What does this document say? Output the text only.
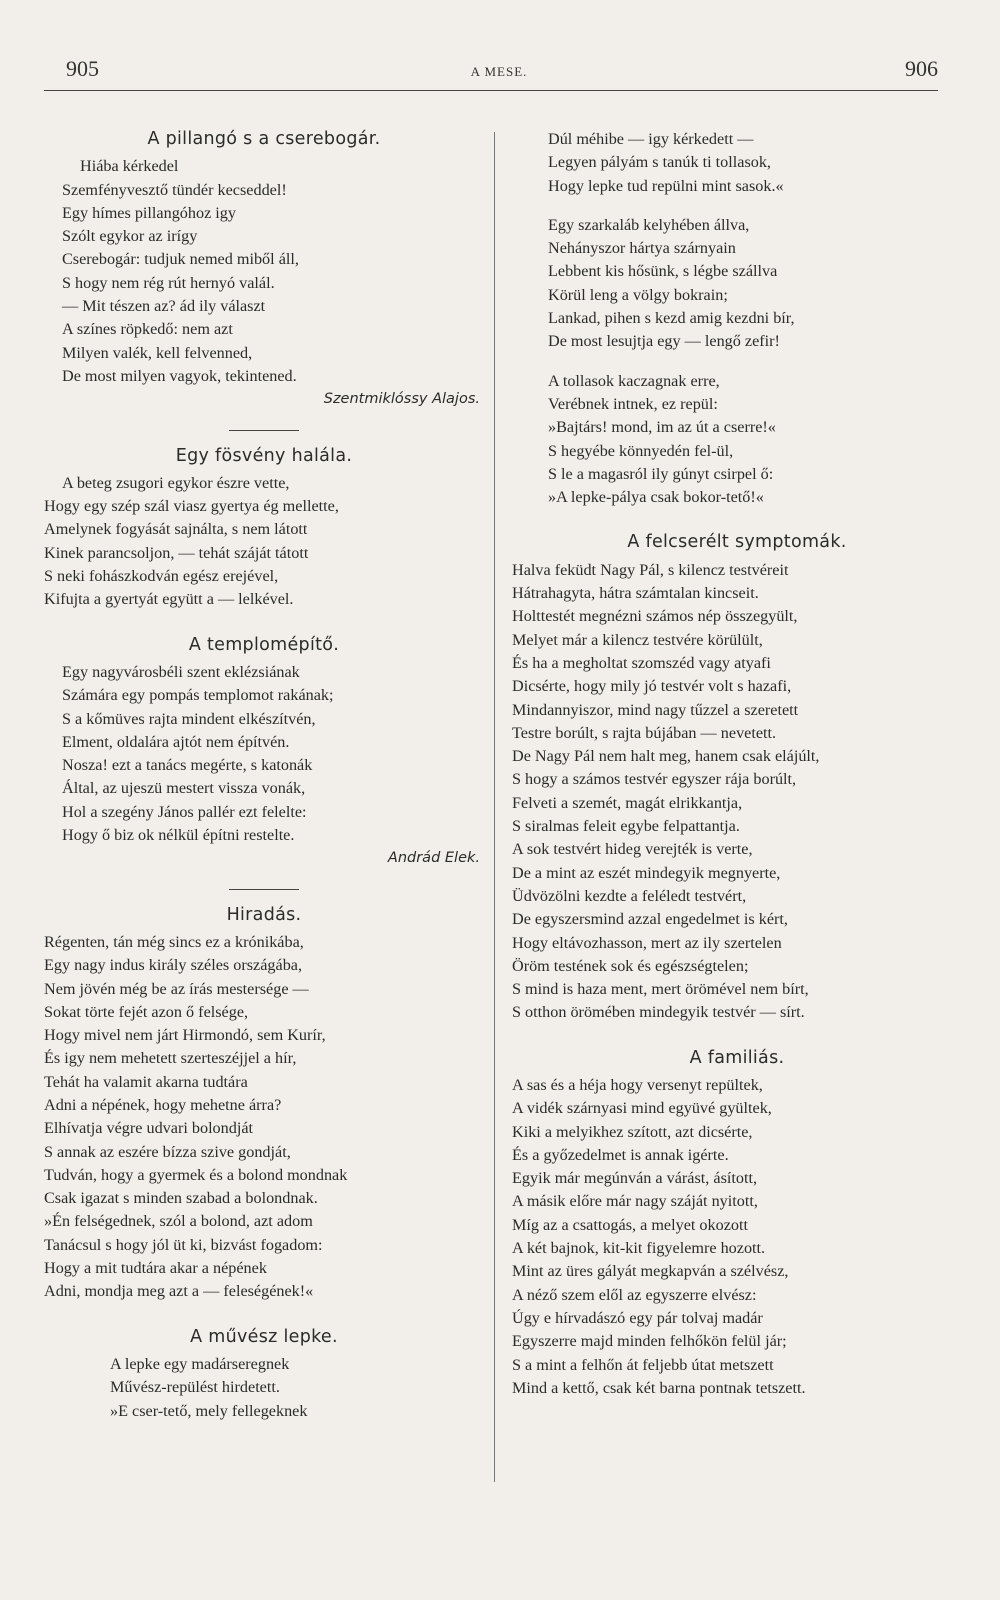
905	A MESE.	906
A pillangó s a cserebogár.
Hiába kérkedel
Szemfényvesztő tündér kecseddel!
Egy hímes pillangóhoz igy
Szólt egykor az irígy
Cserebogár: tudjuk nemed miből áll,
S hogy nem rég rút hernyó valál.
— Mit tészen az? ád ily választ
A színes röpkedő: nem azt
Milyen valék, kell felvenned,
De most milyen vagyok, tekintened.
Szentmiklóssy Alajos.
Egy fösvény halála.
A beteg zsugori egykor észre vette,
Hogy egy szép szál viasz gyertya ég mellette,
Amelynek fogyását sajnálta, s nem látott
Kinek parancsoljon, — tehát száját tátott
S neki fohászkodván egész erejével,
Kifujta a gyertyát együtt a — lelkével.
A templomépítő.
Egy nagyvárosbéli szent eklézsiának
Számára egy pompás templomot rakának;
S a kőmüves rajta mindent elkészítvén,
Elment, oldalára ajtót nem építvén.
Nosza! ezt a tanács megérte, s katonák
Által, az ujeszü mestert vissza vonák,
Hol a szegény János pallér ezt felelte:
Hogy ő biz ok nélkül építni restelte.
Andrád Elek.
Hiradás.
Régenten, tán még sincs ez a krónikába,
Egy nagy indus király széles országába,
Nem jövén még be az írás mestersége —
Sokat törte fejét azon ő felsége,
Hogy mivel nem járt Hirmondó, sem Kurír,
És igy nem mehetett szerteszéjjel a hír,
Tehát ha valamit akarna tudtára
Adni a népének, hogy mehetne árra?
Elhívatja végre udvari bolondját
S annak az eszére bízza szive gondját,
Tudván, hogy a gyermek és a bolond mondnak
Csak igazat s minden szabad a bolondnak.
»Én felségednek, szól a bolond, azt adom
Tanácsul s hogy jól üt ki, bizvást fogadom:
Hogy a mit tudtára akar a népének
Adni, mondja meg azt a — feleségének!«
A művész lepke.
A lepke egy madárseregnek
Művész-repülést hirdetett.
»E cser-tető, mely fellegeknek
Dúl méhibe — igy kérkedett —
Legyen pályám s tanúk ti tollasok,
Hogy lepke tud repülni mint sasok.«
Egy szarkaláb kelyhében állva,
Nehányszor hártya szárnyain
Lebbent kis hősünk, s légbe szállva
Körül leng a völgy bokrain;
Lankad, pihen s kezd amig kezdni bír,
De most lesujtja egy — lengő zefir!
A tollasok kaczagnak erre,
Verébnek intnek, ez repül:
»Bajtárs! mond, im az út a cserre!«
S hegyébe könnyedén fel-ül,
S le a magasról ily gúnyt csirpel ő:
»A lepke-pálya csak bokor-tető!«
A felcserélt symptomák.
Halva feküdt Nagy Pál, s kilencz testvéreit
Hátrahagyta, hátra számtalan kincseit.
Holttestét megnézni számos nép összegyült,
Melyet már a kilencz testvére körülült,
És ha a megholtat szomszéd vagy atyafi
Dicsérte, hogy mily jó testvér volt s hazafi,
Mindannyiszor, mind nagy tűzzel a szeretett
Testre borúlt, s rajta bújában — nevetett.
De Nagy Pál nem halt meg, hanem csak elájúlt,
S hogy a számos testvér egyszer rája borúlt,
Felveti a szemét, magát elrikkantja,
S siralmas feleit egybe felpattantja.
A sok testvért hideg verejték is verte,
De a mint az eszét mindegyik megnyerte,
Üdvözölni kezdte a feléledt testvért,
De egyszersmind azzal engedelmet is kért,
Hogy eltávozhasson, mert az ily szertelen
Öröm testének sok és egészségtelen;
S mind is haza ment, mert örömével nem bírt,
S otthon örömében mindegyik testvér — sírt.
A familiás.
A sas és a héja hogy versenyt repültek,
A vidék szárnyasi mind együvé gyültek,
Kiki a melyikhez szított, azt dicsérte,
És a győzedelmet is annak igérte.
Egyik már megúnván a várást, ásított,
A másik előre már nagy száját nyitott,
Míg az a csattogás, a melyet okozott
A két bajnok, kit-kit figyelemre hozott.
Mint az üres gályát megkapván a szélvész,
A néző szem elől az egyszerre elvész:
Úgy e hírvadászó egy pár tolvaj madár
Egyszerre majd minden felhőkön felül jár;
S a mint a felhőn át feljebb útat metszett
Mind a kettő, csak két barna pontnak tetszett.
